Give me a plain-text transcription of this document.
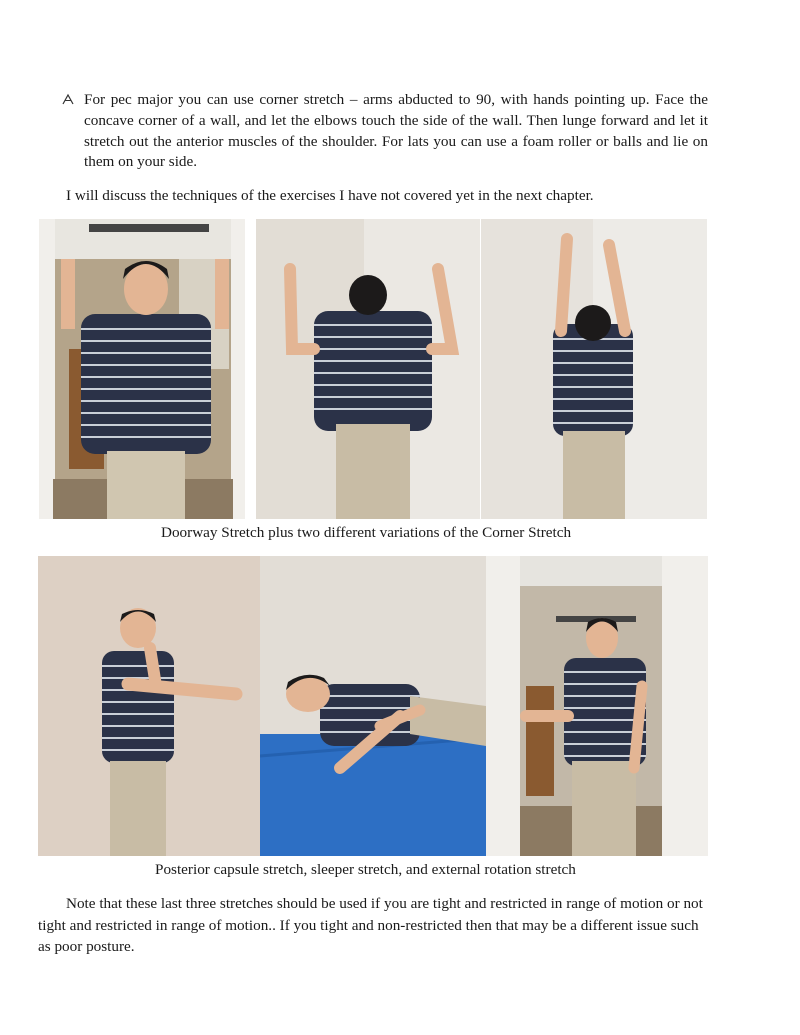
For pec major you can use corner stretch – arms abducted to 90, with hands pointing up. Face the concave corner of a wall, and let the elbows touch the side of the wall. Then lunge forward and let it stretch out the anterior muscles of the shoulder. For lats you can use a foam roller or balls and lie on them on your side.
I will discuss the techniques of the exercises I have not covered yet in the next chapter.
Doorway Stretch plus two different variations of the Corner Stretch
Posterior capsule stretch, sleeper stretch, and external rotation stretch
Note that these last three stretches should be used if you are tight and restricted in range of motion or not tight and restricted in range of motion.. If you tight and non-restricted then that may be a different issue such as poor posture.
